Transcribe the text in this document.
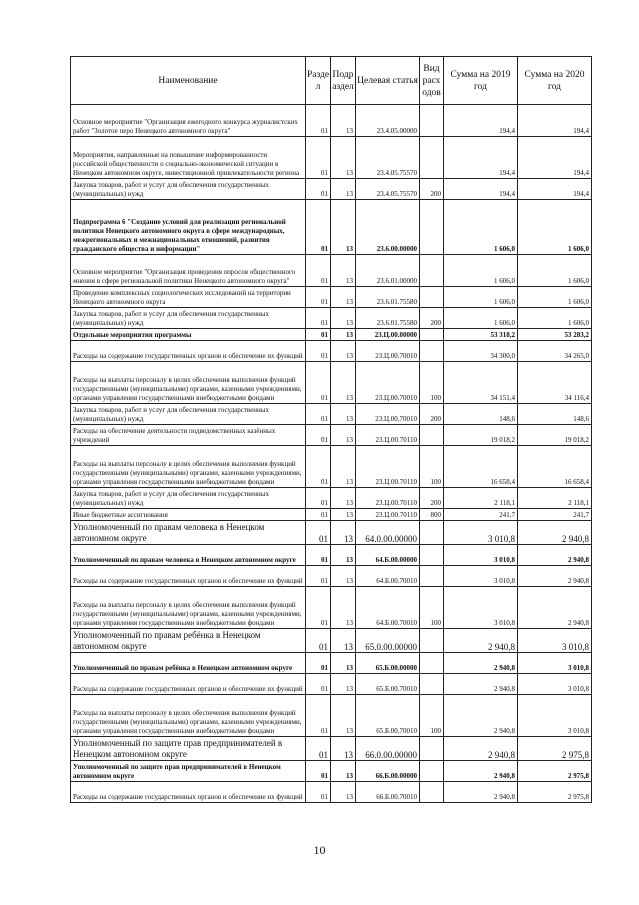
Наименование	Разде л	Подр аздел	Целевая статья	Вид расх одов	Сумма на 2019 год	Сумма на 2020 год
Основное мероприятие "Организация ежегодного конкурса журналистских работ "Золотое перо Ненецкого автономного округа"	01	13	23.4.05.00000		194,4	194,4
Мероприятия, направленные на повышение информированности российской общественности о социально-экономической ситуации в Ненецком автономном округе, инвестиционной привлекательности региона	01	13	23.4.05.75570		194,4	194,4
Закупка товаров, работ и услуг для обеспечения государственных (муниципальных) нужд	01	13	23.4.05.75570	200	194,4	194,4
Подпрограмма 6 "Создание условий для реализации региональной политики Ненецкого автономного округа в сфере международных, межрегиональных и межнациональных отношений, развития гражданского общества и информации"	01	13	23.6.00.00000		1 606,0	1 606,0
Основное мероприятие "Организация проведения опросов общественного мнения в сфере региональной политики Ненецкого автономного округа"	01	13	23.6.01.00000		1 606,0	1 606,0
Проведение комплексных социологических исследований на территории Ненецкого автономного округа	01	13	23.6.01.75580		1 606,0	1 606,0
Закупка товаров, работ и услуг для обеспечения государственных (муниципальных) нужд	01	13	23.6.01.75580	200	1 606,0	1 606,0
Отдельные мероприятия программы	01	13	23.Ц.00.00000		53 318,2	53 283,2
Расходы на содержание государственных органов и обеспечение их функций	01	13	23.Ц.00.70010		34 300,0	34 265,0
Расходы на выплаты персоналу в целях обеспечения выполнения функций государственными (муниципальными) органами, казенными учреждениями, органами управления государственными внебюджетными фондами	01	13	23.Ц.00.70010	100	34 151,4	34 116,4
Закупка товаров, работ и услуг для обеспечения государственных (муниципальных) нужд	01	13	23.Ц.00.70010	200	148,6	148,6
Расходы на обеспечение деятельности подведомственных казённых учреждений	01	13	23.Ц.00.70110		19 018,2	19 018,2
Расходы на выплаты персоналу в целях обеспечения выполнения функций государственными (муниципальными) органами, казенными учреждениями, органами управления государственными внебюджетными фондами	01	13	23.Ц.00.70110	100	16 658,4	16 658,4
Закупка товаров, работ и услуг для обеспечения государственных (муниципальных) нужд	01	13	23.Ц.00.70110	200	2 118,1	2 118,1
Иные бюджетные ассигнования	01	13	23.Ц.00.70110	800	241,7	241,7
Уполномоченный по правам человека в Ненецком автономном округе	01	13	64.0.00.00000		3 010,8	2 940,8
Уполномоченный по правам человека в Ненецком автономном округе	01	13	64.Б.00.00000		3 010,8	2 940,8
Расходы на содержание государственных органов и обеспечение их функций	01	13	64.Б.00.70010		3 010,8	2 940,8
Расходы на выплаты персоналу в целях обеспечения выполнения функций государственными (муниципальными) органами, казенными учреждениями, органами управления государственными внебюджетными фондами	01	13	64.Б.00.70010	100	3 010,8	2 940,8
Уполномоченный по правам ребёнка в Ненецком автономном округе	01	13	65.0.00.00000		2 940,8	3 010,8
Уполномоченный по правам ребёнка в Ненецком автономном округе	01	13	65.Б.00.00000		2 940,8	3 010,8
Расходы на содержание государственных органов и обеспечение их функций	01	13	65.Б.00.70010		2 940,8	3 010,8
Расходы на выплаты персоналу в целях обеспечения выполнения функций государственными (муниципальными) органами, казенными учреждениями, органами управления государственными внебюджетными фондами	01	13	65.Б.00.70010	100	2 940,8	3 010,8
Уполномоченный по защите прав предпринимателей в Ненецком автономном округе	01	13	66.0.00.00000		2 940,8	2 975,8
Уполномоченный по защите прав предпринимателей в Ненецком автономном округе	01	13	66.Б.00.00000		2 940,8	2 975,8
Расходы на содержание государственных органов и обеспечение их функций	01	13	66.Б.00.70010		2 940,8	2 975,8
10
